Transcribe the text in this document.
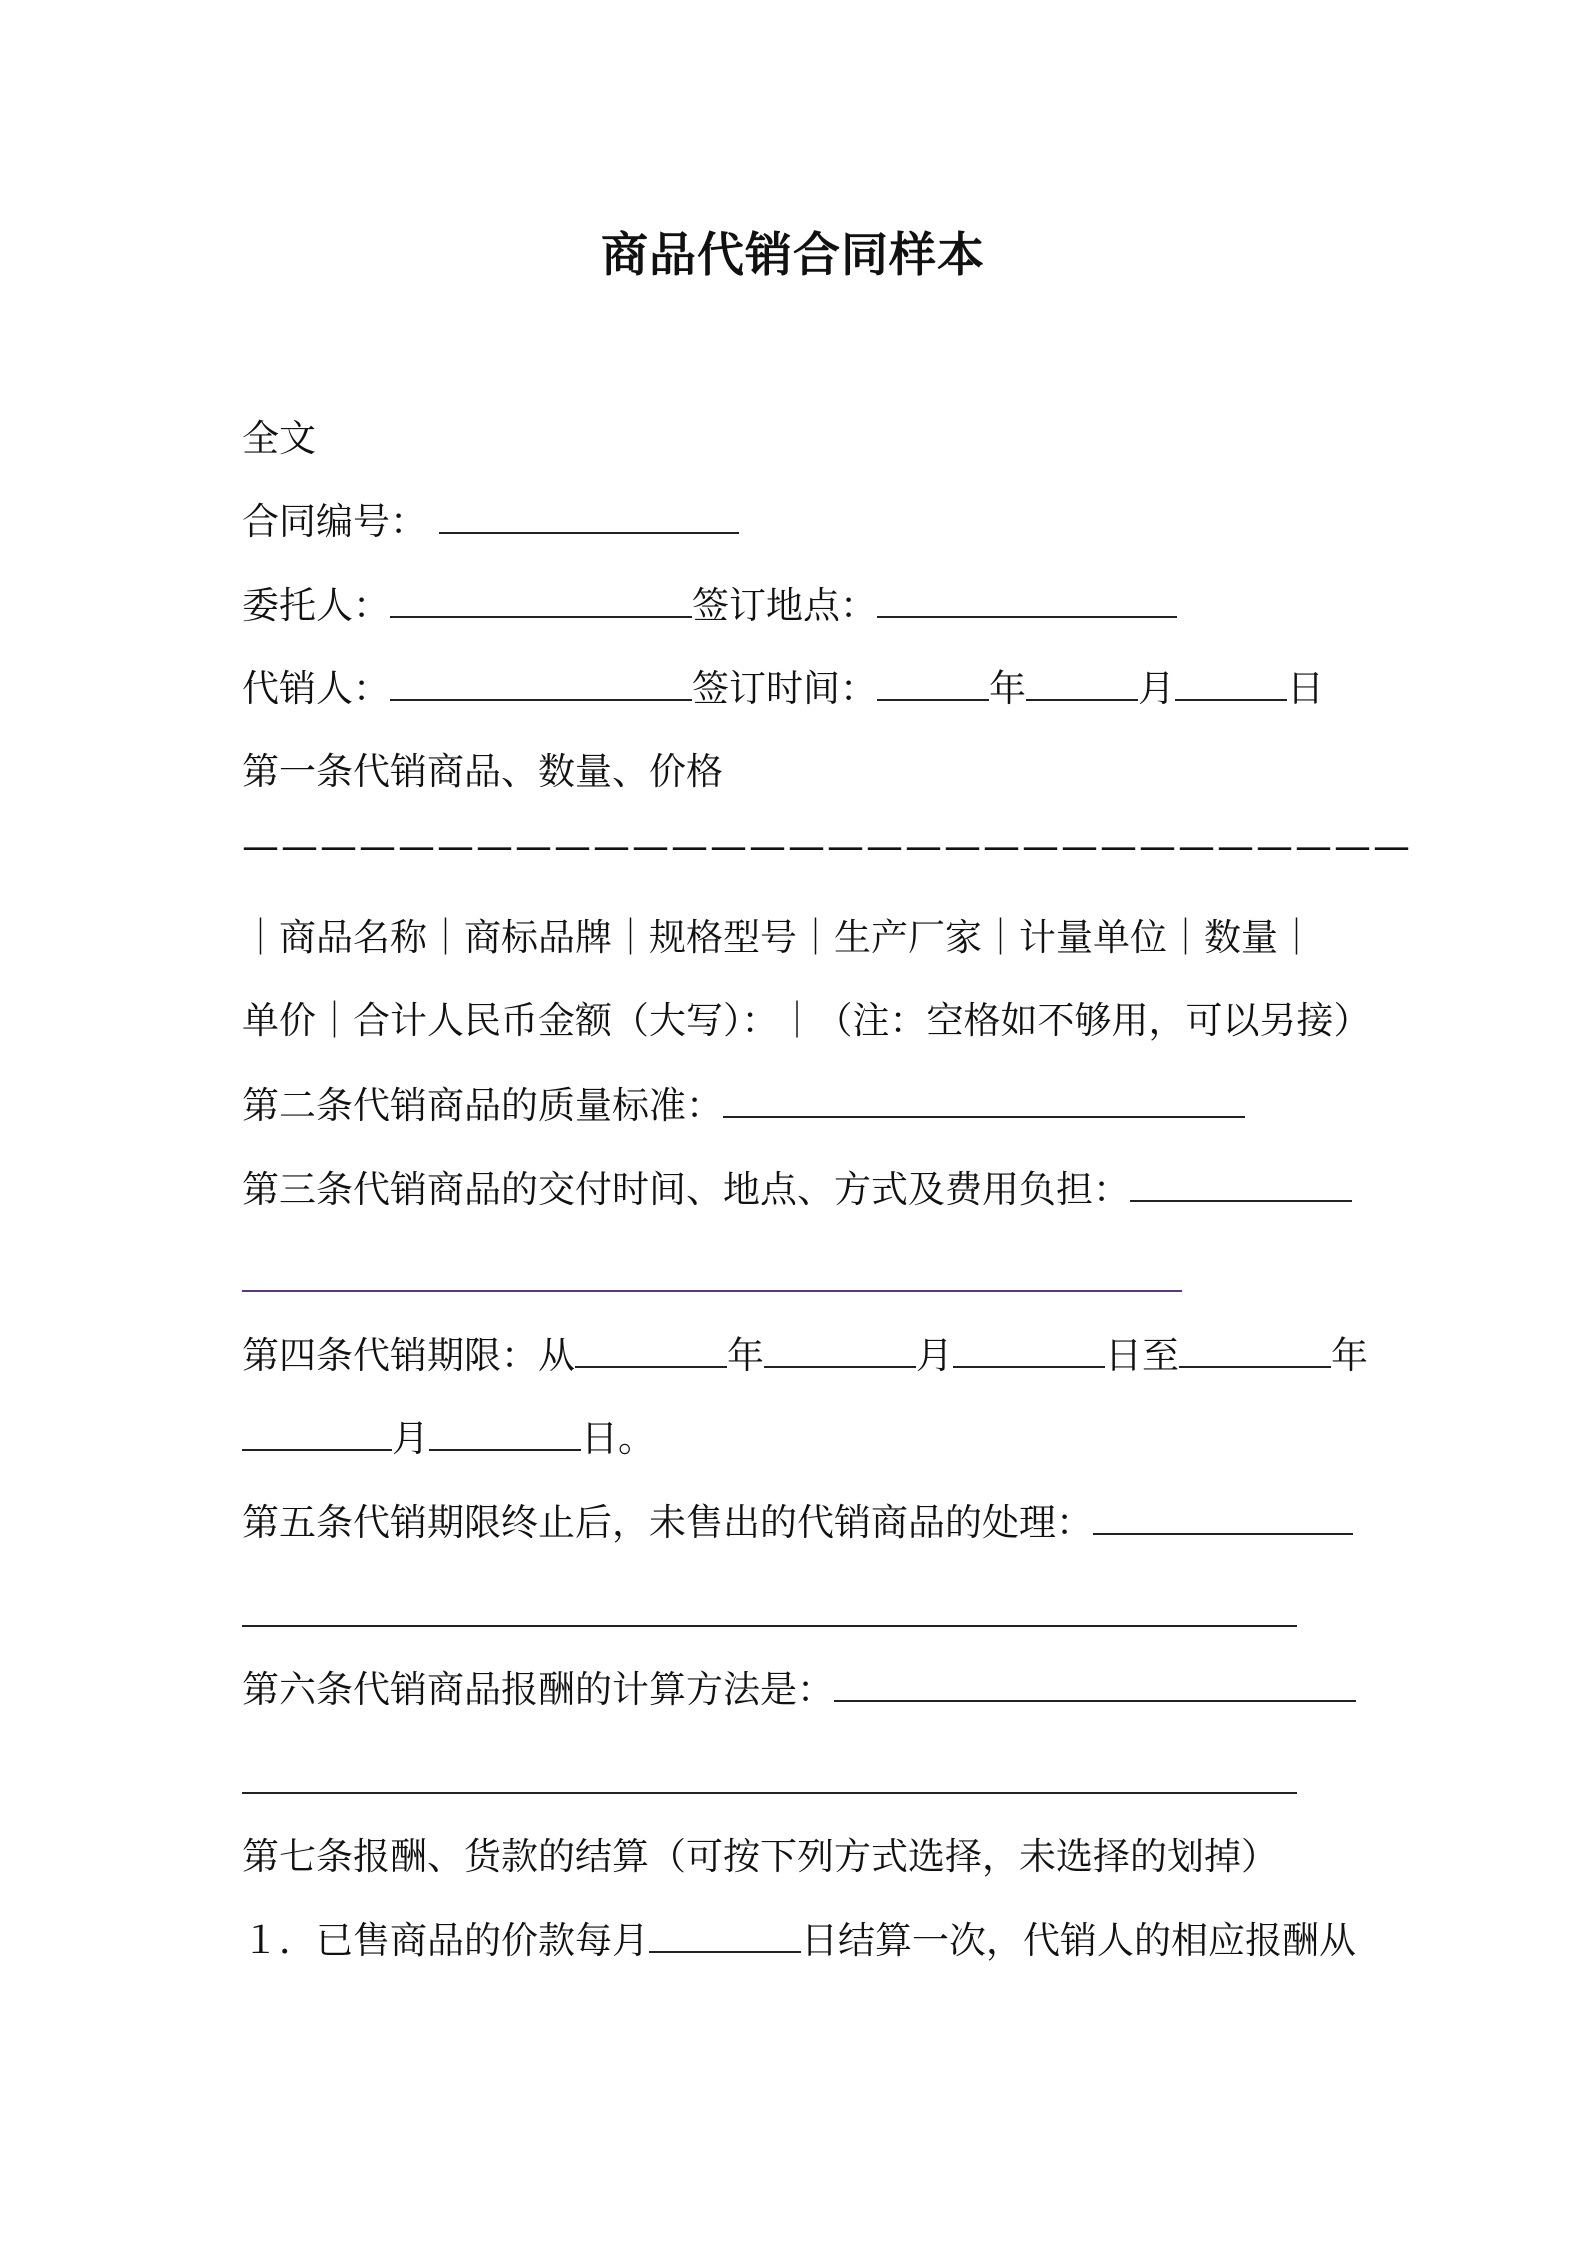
商品代销合同样本
全文
合同编号：
委托人：	签订地点：
代销人：	签订时间：	年	月	日
第一条代销商品、数量、价格
——————————————————————————————
｜商品名称｜商标品牌｜规格型号｜生产厂家｜计量单位｜数量｜
单价｜合计人民币金额（大写）：｜（注：空格如不够用，可以另接）
第二条代销商品的质量标准：
第三条代销商品的交付时间、地点、方式及费用负担：
第四条代销期限：从	年	月	日至	年
月	日。
第五条代销期限终止后，未售出的代销商品的处理：
第六条代销商品报酬的计算方法是：
第七条报酬、货款的结算（可按下列方式选择，未选择的划掉）
１．已售商品的价款每月	日结算一次，代销人的相应报酬从
